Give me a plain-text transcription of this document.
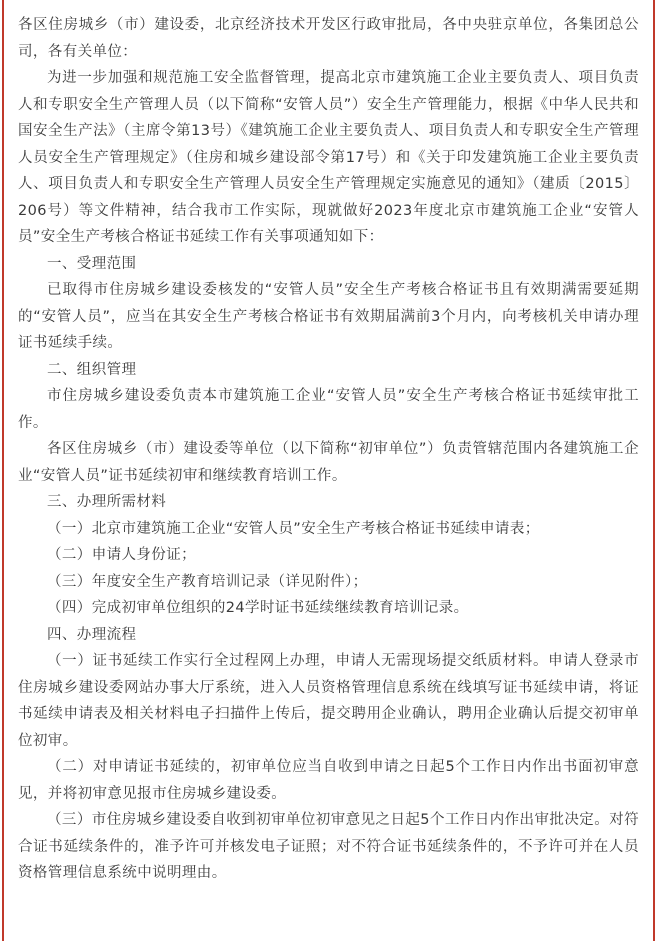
各区住房城乡（市）建设委，北京经济技术开发区行政审批局，各中央驻京单位，各集团总公司，各有关单位：

为进一步加强和规范施工安全监督管理，提高北京市建筑施工企业主要负责人、项目负责人和专职安全生产管理人员（以下简称“安管人员”）安全生产管理能力，根据《中华人民共和国安全生产法》（主席令第13号）《建筑施工企业主要负责人、项目负责人和专职安全生产管理人员安全生产管理规定》（住房和城乡建设部令第17号）和《关于印发建筑施工企业主要负责人、项目负责人和专职安全生产管理人员安全生产管理规定实施意见的通知》（建质〔2015〕206号）等文件精神，结合我市工作实际，现就做好2023年度北京市建筑施工企业“安管人员”安全生产考核合格证书延续工作有关事项通知如下：

一、受理范围

已取得市住房城乡建设委核发的“安管人员”安全生产考核合格证书且有效期满需要延期的“安管人员”，应当在其安全生产考核合格证书有效期届满前3个月内，向考核机关申请办理证书延续手续。

二、组织管理

市住房城乡建设委负责本市建筑施工企业“安管人员”安全生产考核合格证书延续审批工作。

各区住房城乡（市）建设委等单位（以下简称“初审单位”）负责管辖范围内各建筑施工企业“安管人员”证书延续初审和继续教育培训工作。

三、办理所需材料

（一）北京市建筑施工企业“安管人员”安全生产考核合格证书延续申请表；

（二）申请人身份证；

（三）年度安全生产教育培训记录（详见附件）；

（四）完成初审单位组织的24学时证书延续继续教育培训记录。

四、办理流程

（一）证书延续工作实行全过程网上办理，申请人无需现场提交纸质材料。申请人登录市住房城乡建设委网站办事大厅系统，进入人员资格管理信息系统在线填写证书延续申请，将证书延续申请表及相关材料电子扫描件上传后，提交聘用企业确认，聘用企业确认后提交初审单位初审。

（二）对申请证书延续的，初审单位应当自收到申请之日起5个工作日内作出书面初审意见，并将初审意见报市住房城乡建设委。

（三）市住房城乡建设委自收到初审单位初审意见之日起5个工作日内作出审批决定。对符合证书延续条件的，准予许可并核发电子证照；对不符合证书延续条件的，不予许可并在人员资格管理信息系统中说明理由。
